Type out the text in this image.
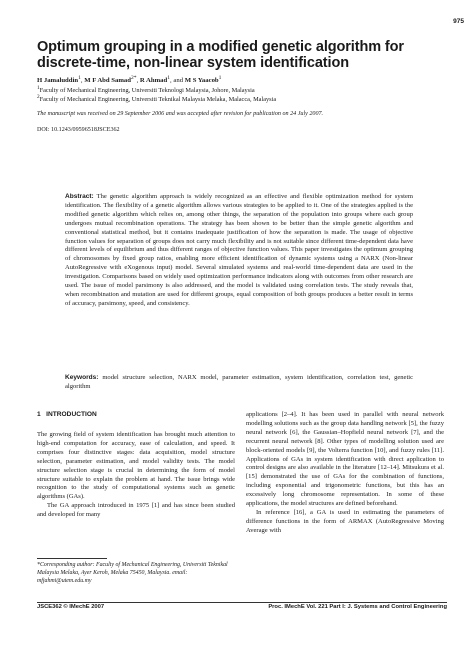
975
Optimum grouping in a modified genetic algorithm for discrete-time, non-linear system identification
H Jamaluddin$^1$, M F Abd Samad$^{2*}$, R Ahmad$^1$, and M S Yaacob$^1$
$^1$Faculty of Mechanical Engineering, Universiti Teknologi Malaysia, Johore, Malaysia
$^2$Faculty of Mechanical Engineering, Universiti Teknikal Malaysia Melaka, Malacca, Malaysia
The manuscript was received on 29 September 2006 and was accepted after revision for publication on 24 July 2007.
DOI: 10.1243/09596518JSCE362

Abstract: The genetic algorithm approach is widely recognized as an effective and flexible optimization method for system identification. The flexibility of a genetic algorithm allows various strategies to be applied to it. One of the strategies applied is the modified genetic algorithm which relies on, among other things, the separation of the population into groups where each group undergoes mutual recombination operations. The strategy has been shown to be better than the simple genetic algorithm and conventional statistical method, but it contains inadequate justification of how the separation is made. The usage of objective function values for separation of groups does not carry much flexibility and is not suitable since different time-dependent data have different levels of equilibrium and thus different ranges of objective function values. This paper investigates the optimum grouping of chromosomes by fixed group ratios, enabling more efficient identification of dynamic systems using a NARX (Non-linear AutoRegressive with eXogenous input) model. Several simulated systems and real-world time-dependent data are used in the investigation. Comparisons based on widely used optimization performance indicators along with outcomes from other research are used. The issue of model parsimony is also addressed, and the model is validated using correlation tests. The study reveals that, when recombination and mutation are used for different groups, equal composition of both groups produces a better result in terms of accuracy, parsimony, speed, and consistency.

Keywords: model structure selection, NARX model, parameter estimation, system identification, correlation test, genetic algorithm

1 INTRODUCTION

The growing field of system identification has brought much attention to high-end computation for accuracy, ease of calculation, and speed. It comprises four distinctive stages: data acquisition, model structure selection, parameter estimation, and model validity tests. The model structure selection stage is crucial in determining the form of model structure suitable to explain the problem at hand. The issue brings wide recognition to the study of computational systems such as genetic algorithms (GAs).

The GA approach introduced in 1975 [1] and has since been studied and developed for many

*Corresponding author: Faculty of Mechanical Engineering, Universiti Teknikal Malaysia Melaka, Ayer Keroh, Melaka 75450, Malaysia. email: mfjahmi@utem.edu.my

applications [2–4]. It has been used in parallel with neural network modelling solutions such as the group data handling network [5], the fuzzy neural network [6], the Gaussian–Hopfield neural network [7], and the recurrent neural network [8]. Other types of modelling solution used are block-oriented models [9], the Volterra function [10], and fuzzy rules [11]. Applications of GAs in system identification with direct application to control designs are also available in the literature [12–14]. Mitsukura et al. [15] demonstrated the use of GAs for the combination of functions, including exponential and trigonometric functions, but this has an excessively long chromosome representation. In some of these applications, the model structures are defined beforehand.

In reference [16], a GA is used in estimating the parameters of difference functions in the form of ARMAX (AutoRegressive Moving Average with

JSCE362 © IMechE 2007	Proc. IMechE Vol. 221 Part I: J. Systems and Control Engineering
